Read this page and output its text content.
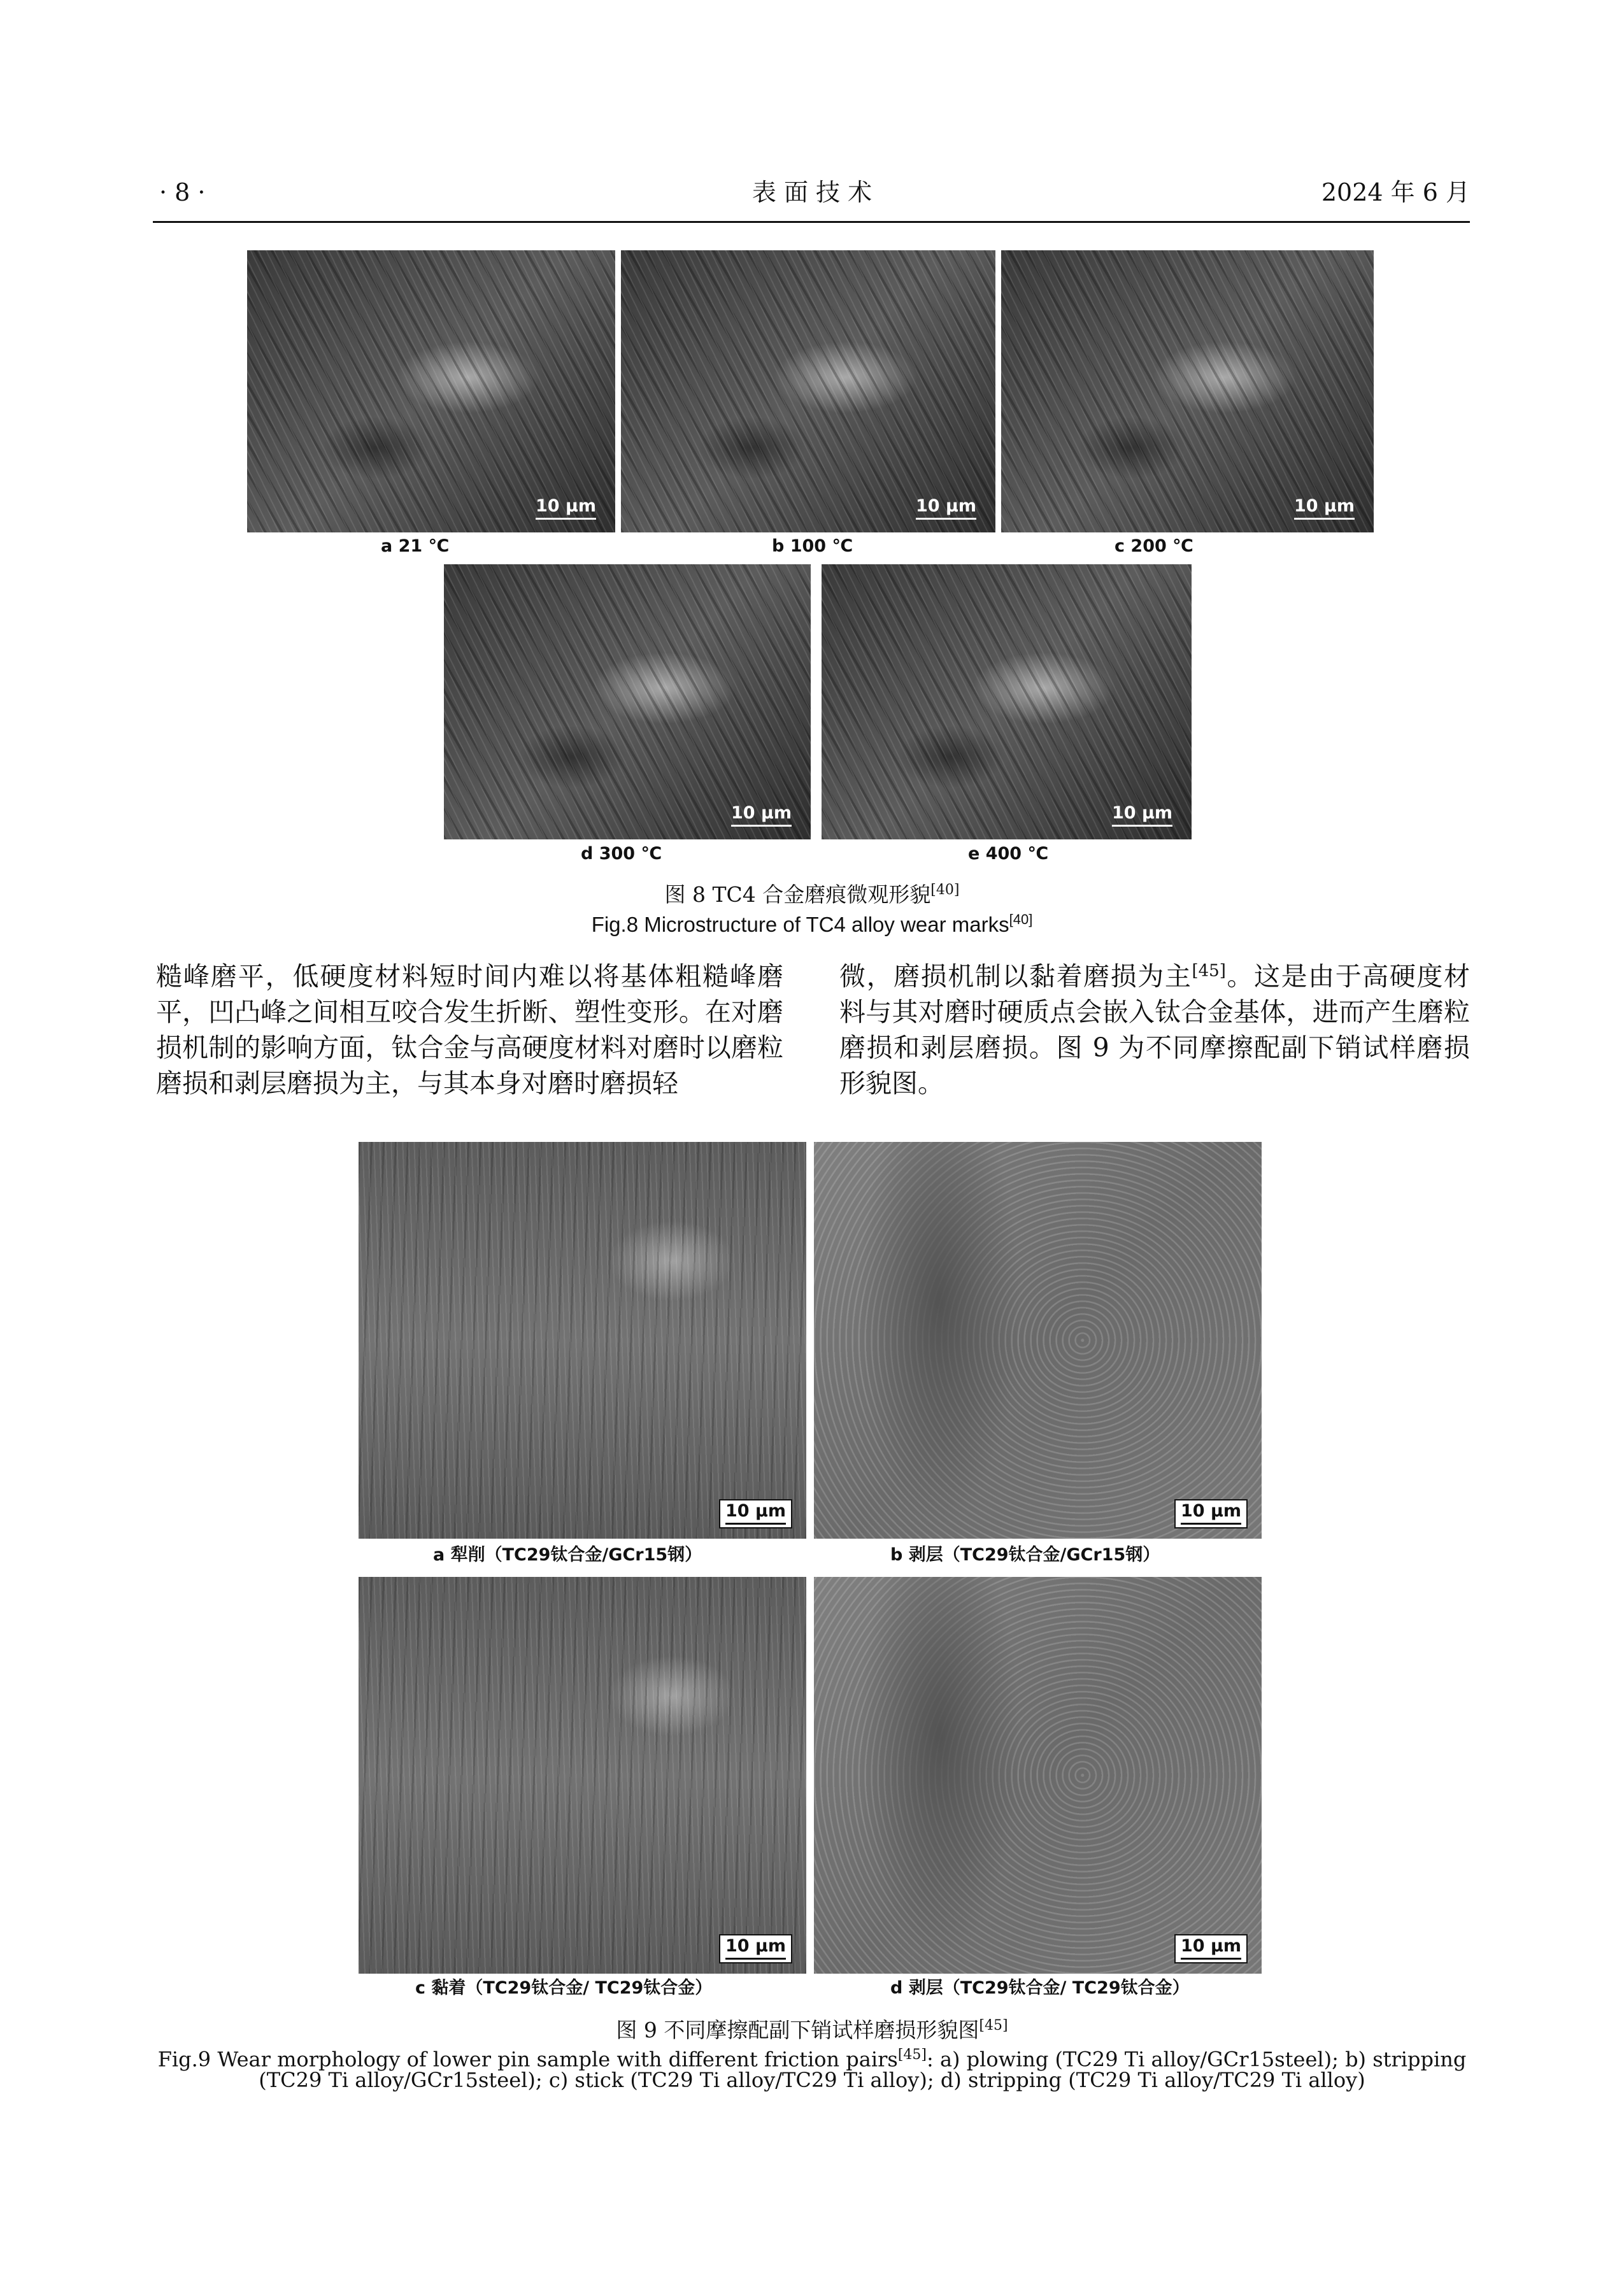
· 8 ·	表 面 技 术	2024 年 6 月
10 μm	10 μm	10 μm
a 21 ℃	b 100 ℃	c 200 ℃
10 μm	10 μm
d 300 ℃	e 400 ℃
图 8 TC4 合金磨痕微观形貌[40]
Fig.8 Microstructure of TC4 alloy wear marks[40]
糙峰磨平，低硬度材料短时间内难以将基体粗糙峰磨平，凹凸峰之间相互咬合发生折断、塑性变形。在对磨损机制的影响方面，钛合金与高硬度材料对磨时以磨粒磨损和剥层磨损为主，与其本身对磨时磨损轻
微，磨损机制以黏着磨损为主[45]。这是由于高硬度材料与其对磨时硬质点会嵌入钛合金基体，进而产生磨粒磨损和剥层磨损。图 9 为不同摩擦配副下销试样磨损形貌图。
10 μm	10 μm
a 犁削（TC29钛合金/GCr15钢）	b 剥层（TC29钛合金/GCr15钢）
10 μm	10 μm
c 黏着（TC29钛合金/ TC29钛合金）	d 剥层（TC29钛合金/ TC29钛合金）
图 9 不同摩擦配副下销试样磨损形貌图[45]
Fig.9 Wear morphology of lower pin sample with different friction pairs[45]: a) plowing (TC29 Ti alloy/GCr15steel); b) stripping
(TC29 Ti alloy/GCr15steel); c) stick (TC29 Ti alloy/TC29 Ti alloy); d) stripping (TC29 Ti alloy/TC29 Ti alloy)
